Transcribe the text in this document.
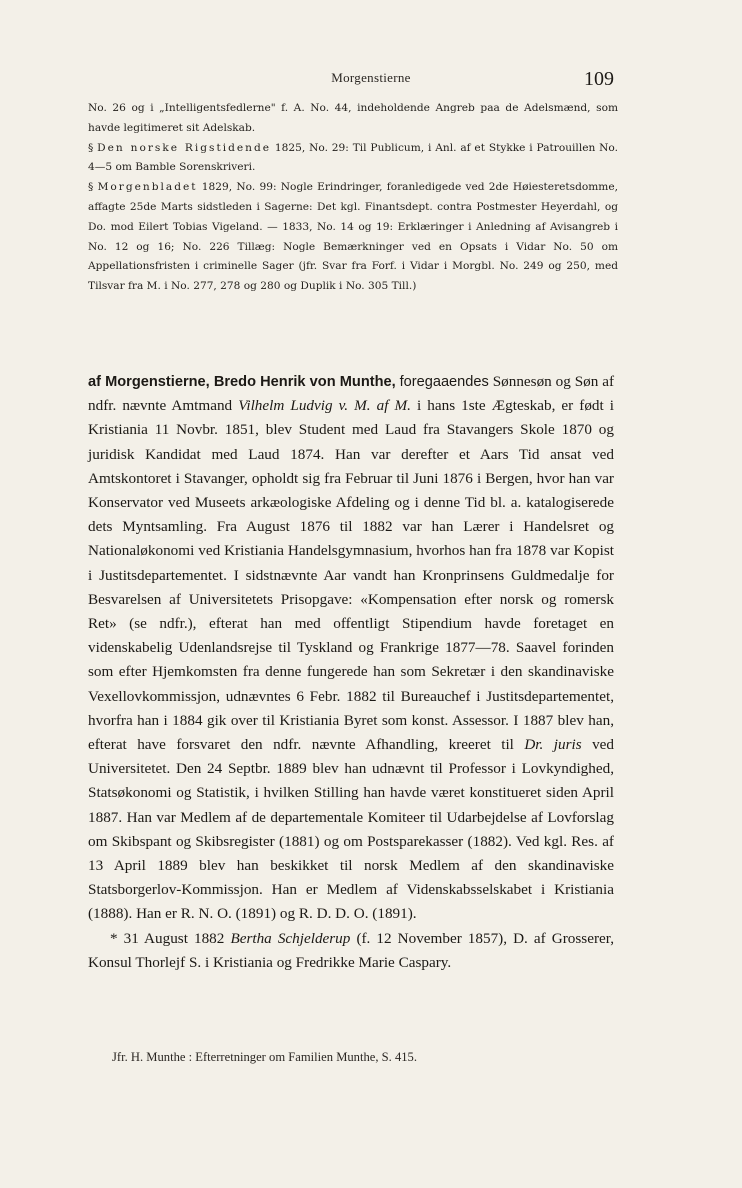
Morgenstierne	109

No. 26 og i „Intelligentsfedlerne" f. A. No. 44, indeholdende Angreb paa de Adelsmænd, som havde legitimeret sit Adelskab.

§ Den norske Rigstidende 1825, No. 29: Til Publicum, i Anl. af et Stykke i Patrouillen No. 4—5 om Bamble Sorenskriveri.

§ Morgenbladet 1829, No. 99: Nogle Erindringer, foranledigede ved 2de Høiesteretsdomme, affagte 25de Marts sidstleden i Sagerne: Det kgl. Finantsdept. contra Postmester Heyerdahl, og Do. mod Eilert Tobias Vigeland. — 1833, No. 14 og 19: Erklæringer i Anledning af Avisangreb i No. 12 og 16; No. 226 Tillæg: Nogle Bemærkninger ved en Opsats i Vidar No. 50 om Appellationsfristen i criminelle Sager (jfr. Svar fra Forf. i Vidar i Morgbl. No. 249 og 250, med Tilsvar fra M. i No. 277, 278 og 280 og Duplik i No. 305 Till.)

af Morgenstierne, Bredo Henrik von Munthe, foregaaendes Sønnesøn og Søn af ndfr. nævnte Amtmand Vilhelm Ludvig v. M. af M. i hans 1ste Ægteskab, er født i Kristiania 11 Novbr. 1851, blev Student med Laud fra Stavangers Skole 1870 og juridisk Kandidat med Laud 1874. Han var derefter et Aars Tid ansat ved Amtskontoret i Stavanger, opholdt sig fra Februar til Juni 1876 i Bergen, hvor han var Konservator ved Museets arkæologiske Afdeling og i denne Tid bl. a. katalogiserede dets Myntsamling. Fra August 1876 til 1882 var han Lærer i Handelsret og Nationaløkonomi ved Kristiania Handelsgymnasium, hvorhos han fra 1878 var Kopist i Justitsdepartementet. I sidstnævnte Aar vandt han Kronprinsens Guldmedalje for Besvarelsen af Universitetets Prisopgave: «Kompensation efter norsk og romersk Ret» (se ndfr.), efterat han med offentligt Stipendium havde foretaget en videnskabelig Udenlandsrejse til Tyskland og Frankrige 1877—78. Saavel forinden som efter Hjemkomsten fra denne fungerede han som Sekretær i den skandinaviske Vexellovkommissjon, udnævntes 6 Febr. 1882 til Bureauchef i Justitsdepartementet, hvorfra han i 1884 gik over til Kristiania Byret som konst. Assessor. I 1887 blev han, efterat have forsvaret den ndfr. nævnte Afhandling, kreeret til Dr. juris ved Universitetet. Den 24 Septbr. 1889 blev han udnævnt til Professor i Lovkyndighed, Statsøkonomi og Statistik, i hvilken Stilling han havde været konstitueret siden April 1887. Han var Medlem af de departementale Komiteer til Udarbejdelse af Lovforslag om Skibspant og Skibsregister (1881) og om Postsparekasser (1882). Ved kgl. Res. af 13 April 1889 blev han beskikket til norsk Medlem af den skandinaviske Statsborgerlov-Kommissjon. Han er Medlem af Videnskabsselskabet i Kristiania (1888). Han er R. N. O. (1891) og R. D. D. O. (1891).

* 31 August 1882 Bertha Schjelderup (f. 12 November 1857), D. af Grosserer, Konsul Thorlejf S. i Kristiania og Fredrikke Marie Caspary.

Jfr. H. Munthe : Efterretninger om Familien Munthe, S. 415.
